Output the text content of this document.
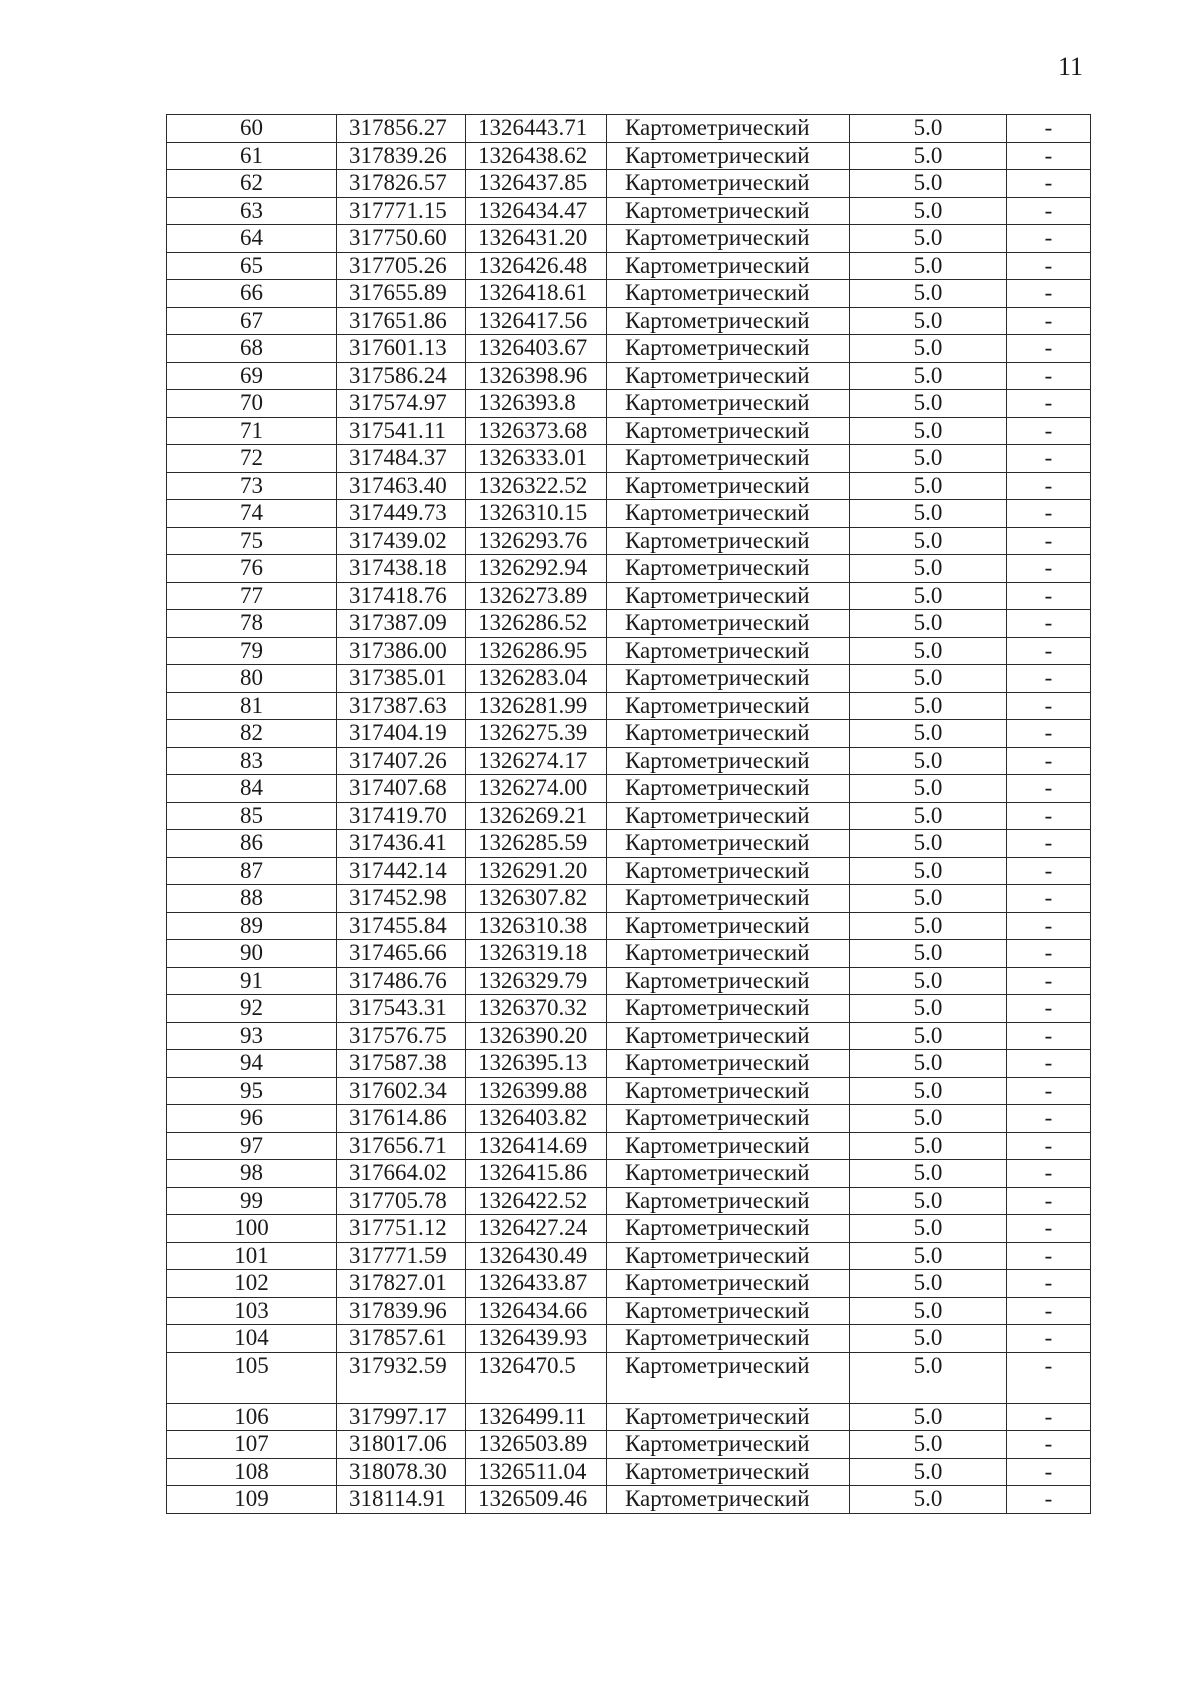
11
60	317856.27	1326443.71	Картометрический	5.0	-
61	317839.26	1326438.62	Картометрический	5.0	-
62	317826.57	1326437.85	Картометрический	5.0	-
63	317771.15	1326434.47	Картометрический	5.0	-
64	317750.60	1326431.20	Картометрический	5.0	-
65	317705.26	1326426.48	Картометрический	5.0	-
66	317655.89	1326418.61	Картометрический	5.0	-
67	317651.86	1326417.56	Картометрический	5.0	-
68	317601.13	1326403.67	Картометрический	5.0	-
69	317586.24	1326398.96	Картометрический	5.0	-
70	317574.97	1326393.8	Картометрический	5.0	-
71	317541.11	1326373.68	Картометрический	5.0	-
72	317484.37	1326333.01	Картометрический	5.0	-
73	317463.40	1326322.52	Картометрический	5.0	-
74	317449.73	1326310.15	Картометрический	5.0	-
75	317439.02	1326293.76	Картометрический	5.0	-
76	317438.18	1326292.94	Картометрический	5.0	-
77	317418.76	1326273.89	Картометрический	5.0	-
78	317387.09	1326286.52	Картометрический	5.0	-
79	317386.00	1326286.95	Картометрический	5.0	-
80	317385.01	1326283.04	Картометрический	5.0	-
81	317387.63	1326281.99	Картометрический	5.0	-
82	317404.19	1326275.39	Картометрический	5.0	-
83	317407.26	1326274.17	Картометрический	5.0	-
84	317407.68	1326274.00	Картометрический	5.0	-
85	317419.70	1326269.21	Картометрический	5.0	-
86	317436.41	1326285.59	Картометрический	5.0	-
87	317442.14	1326291.20	Картометрический	5.0	-
88	317452.98	1326307.82	Картометрический	5.0	-
89	317455.84	1326310.38	Картометрический	5.0	-
90	317465.66	1326319.18	Картометрический	5.0	-
91	317486.76	1326329.79	Картометрический	5.0	-
92	317543.31	1326370.32	Картометрический	5.0	-
93	317576.75	1326390.20	Картометрический	5.0	-
94	317587.38	1326395.13	Картометрический	5.0	-
95	317602.34	1326399.88	Картометрический	5.0	-
96	317614.86	1326403.82	Картометрический	5.0	-
97	317656.71	1326414.69	Картометрический	5.0	-
98	317664.02	1326415.86	Картометрический	5.0	-
99	317705.78	1326422.52	Картометрический	5.0	-
100	317751.12	1326427.24	Картометрический	5.0	-
101	317771.59	1326430.49	Картометрический	5.0	-
102	317827.01	1326433.87	Картометрический	5.0	-
103	317839.96	1326434.66	Картометрический	5.0	-
104	317857.61	1326439.93	Картометрический	5.0	-
105	317932.59	1326470.5	Картометрический	5.0	-
106	317997.17	1326499.11	Картометрический	5.0	-
107	318017.06	1326503.89	Картометрический	5.0	-
108	318078.30	1326511.04	Картометрический	5.0	-
109	318114.91	1326509.46	Картометрический	5.0	-
